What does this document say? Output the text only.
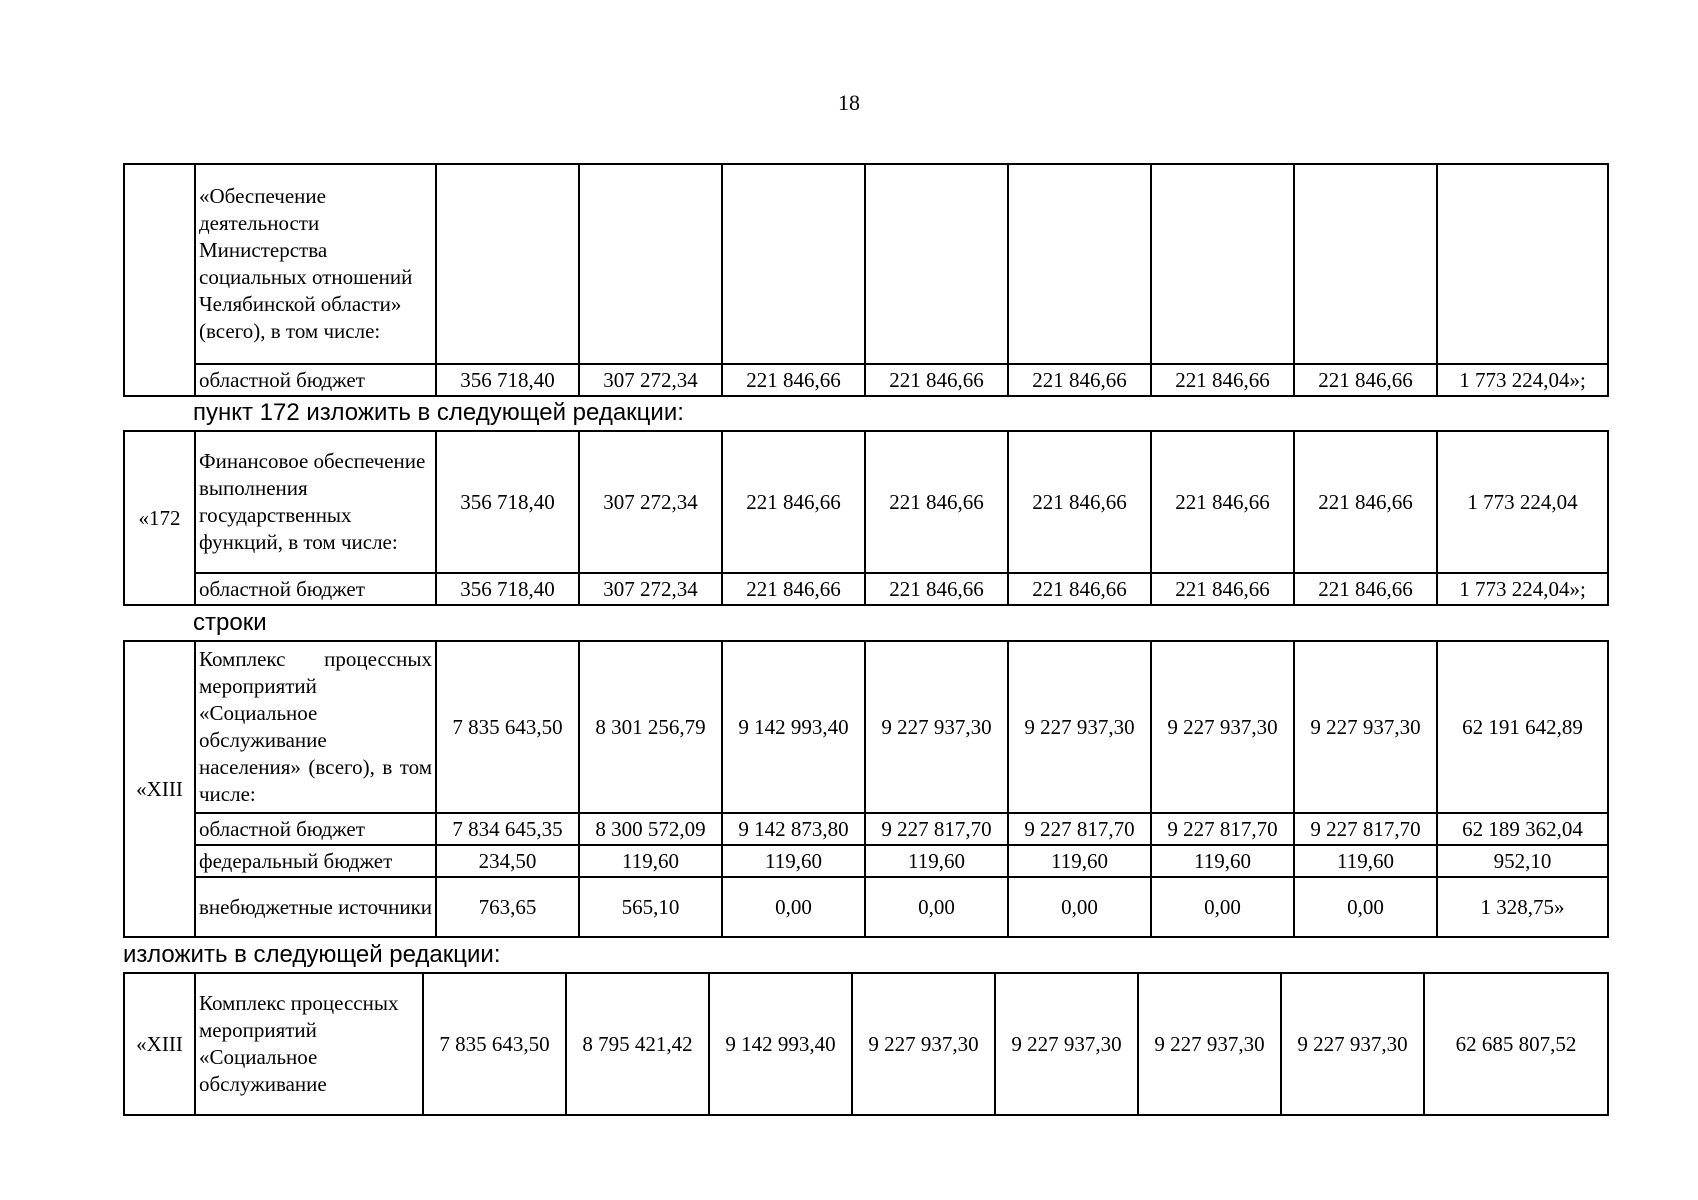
18
	«Обеспечение деятельности Министерства социальных отношений Челябинской области» (всего), в том числе:								
	областной бюджет	356 718,40	307 272,34	221 846,66	221 846,66	221 846,66	221 846,66	221 846,66	1 773 224,04»;
пункт 172 изложить в следующей редакции:
«172	Финансовое обеспечение выполнения государственных функций, в том числе:	356 718,40	307 272,34	221 846,66	221 846,66	221 846,66	221 846,66	221 846,66	1 773 224,04
	областной бюджет	356 718,40	307 272,34	221 846,66	221 846,66	221 846,66	221 846,66	221 846,66	1 773 224,04»;
строки
«XIII	Комплекс процессных мероприятий «Социальное обслуживание населения» (всего), в том числе:	7 835 643,50	8 301 256,79	9 142 993,40	9 227 937,30	9 227 937,30	9 227 937,30	9 227 937,30	62 191 642,89
	областной бюджет	7 834 645,35	8 300 572,09	9 142 873,80	9 227 817,70	9 227 817,70	9 227 817,70	9 227 817,70	62 189 362,04
	федеральный бюджет	234,50	119,60	119,60	119,60	119,60	119,60	119,60	952,10
	внебюджетные источники	763,65	565,10	0,00	0,00	0,00	0,00	0,00	1 328,75»
изложить в следующей редакции:
«XIII	Комплекс процессных мероприятий «Социальное обслуживание	7 835 643,50	8 795 421,42	9 142 993,40	9 227 937,30	9 227 937,30	9 227 937,30	9 227 937,30	62 685 807,52
